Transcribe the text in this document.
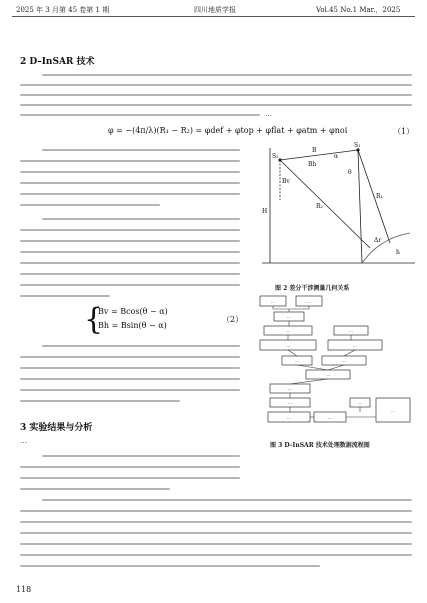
2025 年 3 月第 45 卷第 1 期	四川地质学报	Vol.45 No.1 Mar.，2025
2 D–InSAR 技术
…
φ = −(4π/λ)(R₁ − R₂) = φdef + φtop + φflat + φatm + φnoi	（1）
{
Bv = Bcos(θ − α)
Bh = Bsin(θ − α)
（2）
3 实验结果与分析
…
S₁
S₂
B
Bh
Bv
R₁
R₂
H
θ
α
h
Δr
图 2 差分干涉测量几何关系
…	…
…
…
…
…
…
…	…
…
…
…
…	…
…
…
图 3 D–InSAR 技术处理数据流程图
118
